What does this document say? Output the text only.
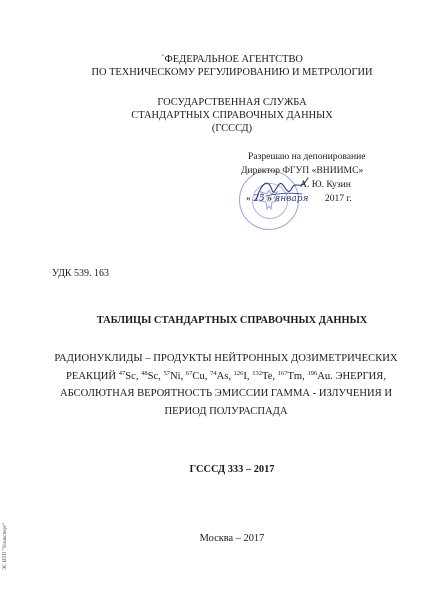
`ФЕДЕРАЛЬНОЕ АГЕНТСТВО
ПО ТЕХНИЧЕСКОМУ РЕГУЛИРОВАНИЮ И МЕТРОЛОГИИ
ГОСУДАРСТВЕННАЯ СЛУЖБА
СТАНДАРТНЫХ СПРАВОЧНЫХ ДАННЫХ
(ГСССД)
Разрешаю на депонирование
Директор ФГУП «ВНИИМС»
А. Ю. Кузин
« 25 » января 2017 г.
УДК 539. 163
ТАБЛИЦЫ СТАНДАРТНЫХ СПРАВОЧНЫХ ДАННЫХ
РАДИОНУКЛИДЫ – ПРОДУКТЫ НЕЙТРОННЫХ ДОЗИМЕТРИЧЕСКИХ
РЕАКЦИЙ $^{47}$Sc, $^{48}$Sc, $^{57}$Ni, $^{67}$Cu, $^{74}$As, $^{126}$I, $^{132}$Te, $^{167}$Tm, $^{196}$Au. ЭНЕРГИЯ,
АБСОЛЮТНАЯ ВЕРОЯТНОСТЬ ЭМИССИИ ГАММА - ИЗЛУЧЕНИЯ И
ПЕРИОД ПОЛУРАСПАДА
ГСССД 333 – 2017
Москва – 2017
ЭС ИТП "Техэксперт"
